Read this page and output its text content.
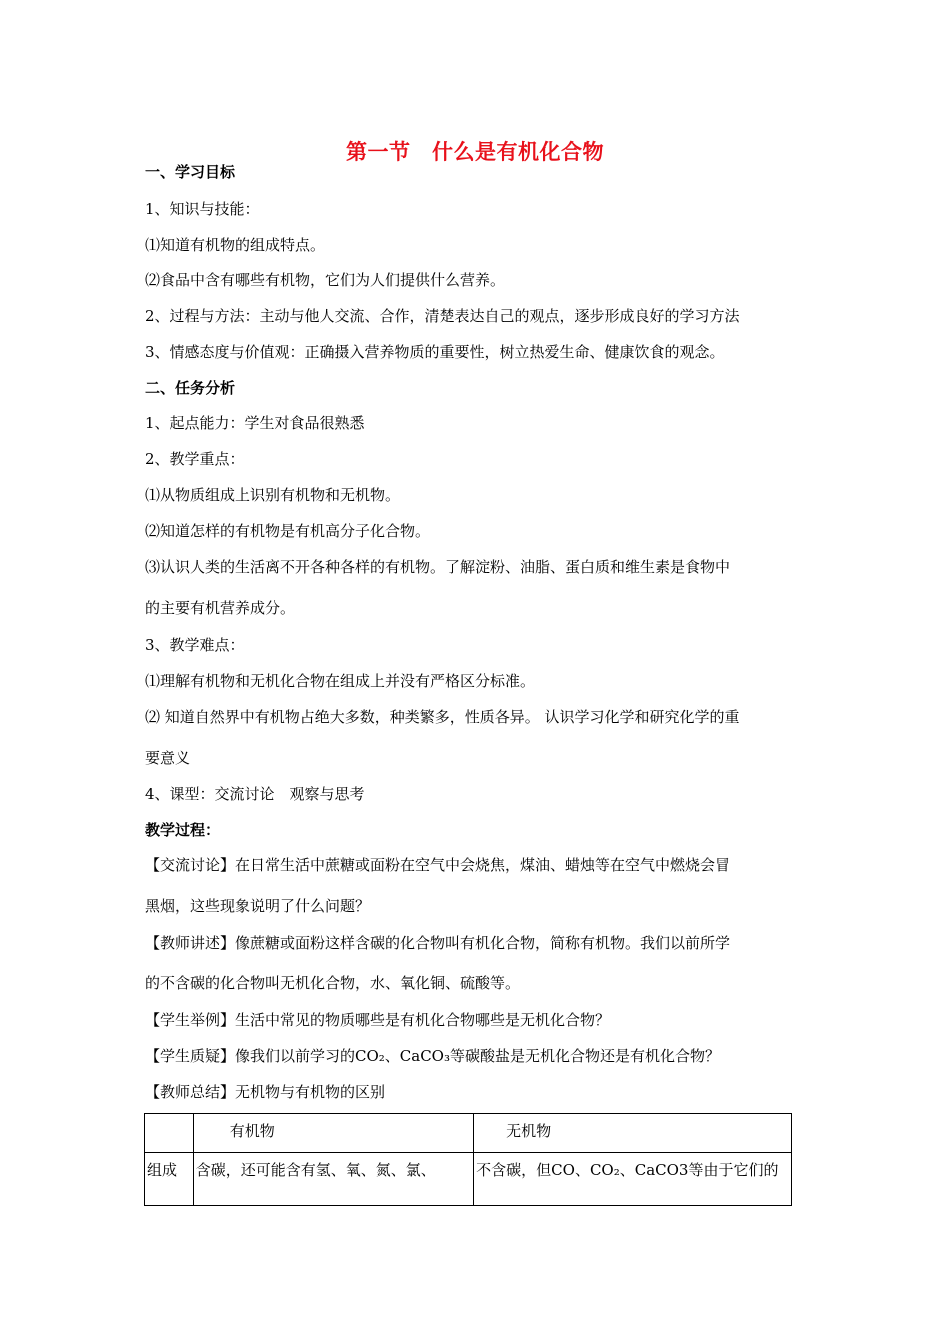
第一节　什么是有机化合物
一、学习目标
1、知识与技能：
⑴知道有机物的组成特点。
⑵食品中含有哪些有机物，它们为人们提供什么营养。
2、过程与方法：主动与他人交流、合作，清楚表达自己的观点，逐步形成良好的学习方法
3、情感态度与价值观：正确摄入营养物质的重要性，树立热爱生命、健康饮食的观念。
二、任务分析
1、起点能力：学生对食品很熟悉
2、教学重点：
⑴从物质组成上识别有机物和无机物。
⑵知道怎样的有机物是有机高分子化合物。
⑶认识人类的生活离不开各种各样的有机物。了解淀粉、油脂、蛋白质和维生素是食物中
的主要有机营养成分。
3、教学难点：
⑴理解有机物和无机化合物在组成上并没有严格区分标准。
⑵ 知道自然界中有机物占绝大多数，种类繁多，性质各异。 认识学习化学和研究化学的重
要意义
4、课型：交流讨论　观察与思考
教学过程：
【交流讨论】在日常生活中蔗糖或面粉在空气中会烧焦，煤油、蜡烛等在空气中燃烧会冒
黑烟，这些现象说明了什么问题？
【教师讲述】像蔗糖或面粉这样含碳的化合物叫有机化合物，简称有机物。我们以前所学
的不含碳的化合物叫无机化合物，水、氧化铜、硫酸等。
【学生举例】生活中常见的物质哪些是有机化合物哪些是无机化合物？
【学生质疑】像我们以前学习的CO₂、CaCO₃等碳酸盐是无机化合物还是有机化合物？
【教师总结】无机物与有机物的区别
	有机物	无机物
组成	含碳，还可能含有氢、氧、氮、氯、	不含碳，但CO、CO₂、CaCO3等由于它们的
